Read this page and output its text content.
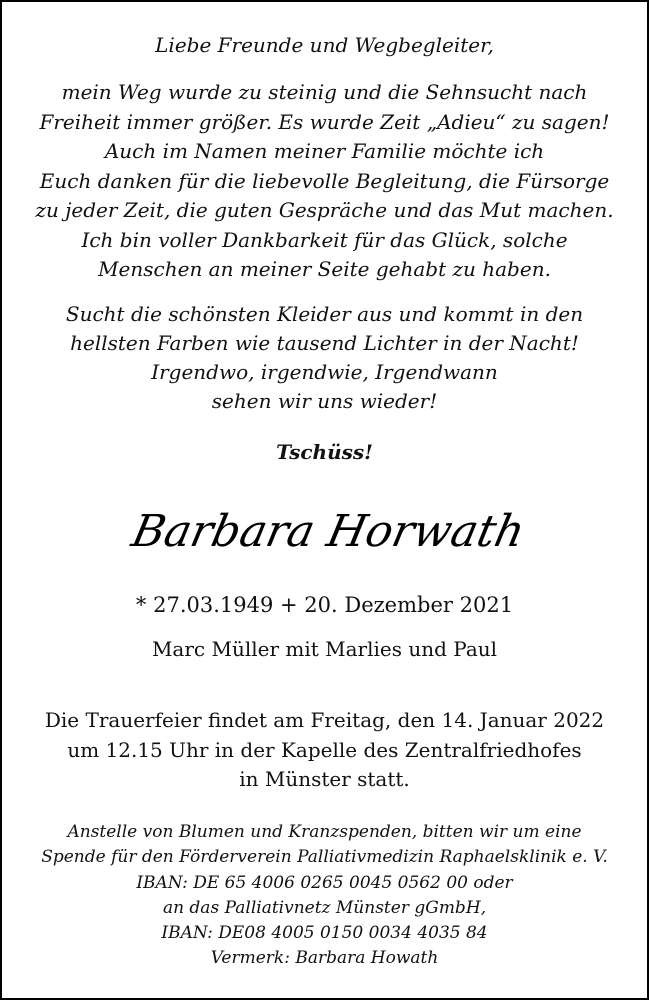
Liebe Freunde und Wegbegleiter,
mein Weg wurde zu steinig und die Sehnsucht nach
Freiheit immer größer. Es wurde Zeit „Adieu“ zu sagen!
Auch im Namen meiner Familie möchte ich
Euch danken für die liebevolle Begleitung, die Fürsorge
zu jeder Zeit, die guten Gespräche und das Mut machen.
Ich bin voller Dankbarkeit für das Glück, solche
Menschen an meiner Seite gehabt zu haben.
Sucht die schönsten Kleider aus und kommt in den
hellsten Farben wie tausend Lichter in der Nacht!
Irgendwo, irgendwie, Irgendwann
sehen wir uns wieder!
Tschüss!
Barbara Horwath
* 27.03.1949 + 20. Dezember 2021
Marc Müller mit Marlies und Paul
Die Trauerfeier findet am Freitag, den 14. Januar 2022
um 12.15 Uhr in der Kapelle des Zentralfriedhofes
in Münster statt.
Anstelle von Blumen und Kranzspenden, bitten wir um eine
Spende für den Förderverein Palliativmedizin Raphaelsklinik e. V.
IBAN: DE 65 4006 0265 0045 0562 00 oder
an das Palliativnetz Münster gGmbH,
IBAN: DE08 4005 0150 0034 4035 84
Vermerk: Barbara Howath
